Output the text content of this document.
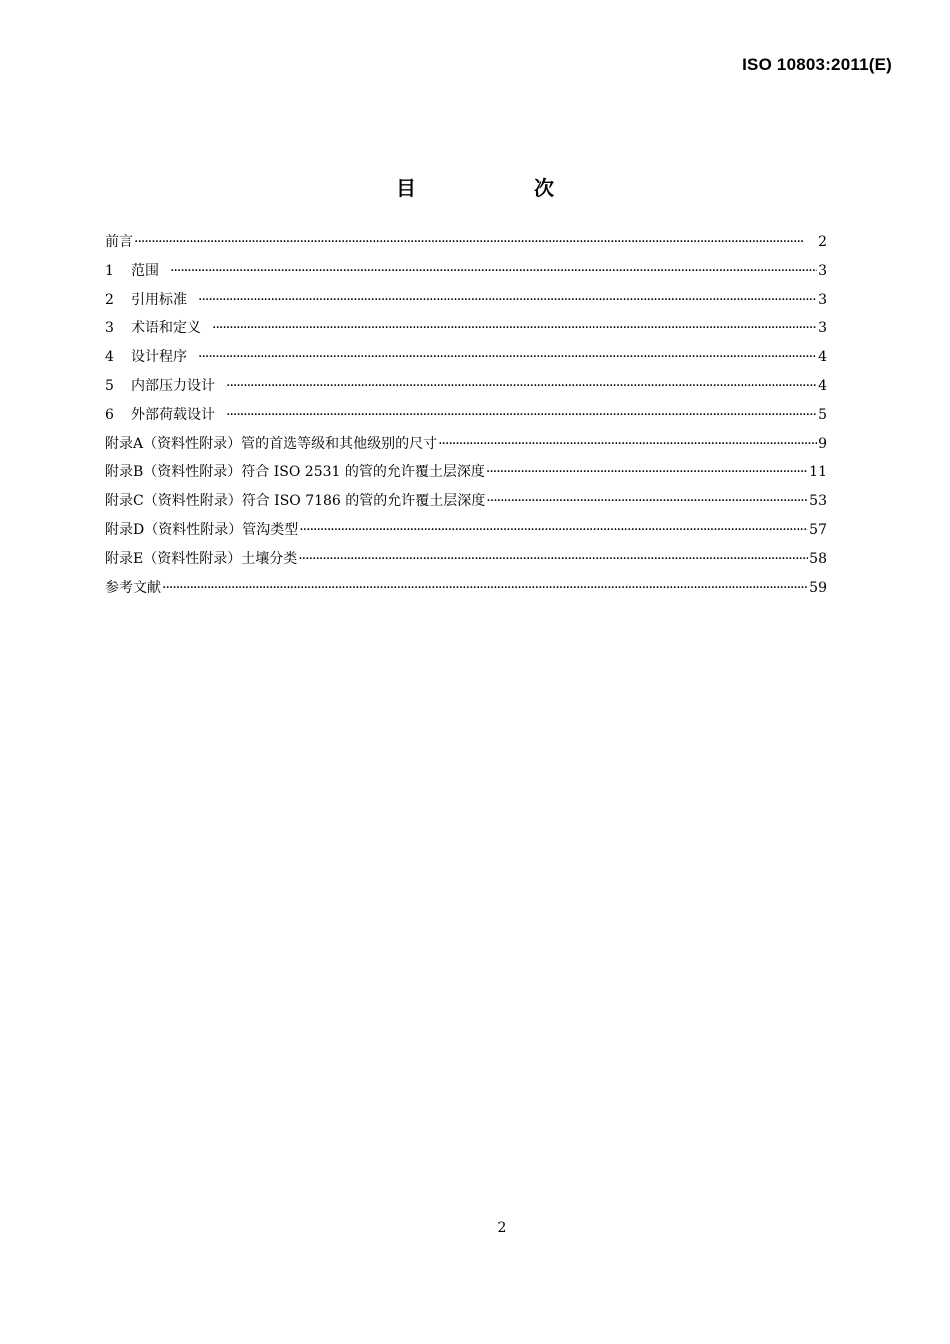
ISO 10803:2011(E)
目	次
前言 ·····	2
1	范围 ·····	3
2	引用标准 ·····	3
3	术语和定义 ·····	3
4	设计程序 ·····	4
5	内部压力设计 ·····	4
6	外部荷载设计 ·····	5
附录A（资料性附录）管的首选等级和其他级别的尺寸 ·····	9
附录B（资料性附录）符合 ISO 2531 的管的允许覆土层深度 ·····	11
附录C（资料性附录）符合 ISO 7186 的管的允许覆土层深度 ·····	53
附录D（资料性附录）管沟类型 ·····	57
附录E（资料性附录）土壤分类 ·····	58
参考文献 ·····	59
2
